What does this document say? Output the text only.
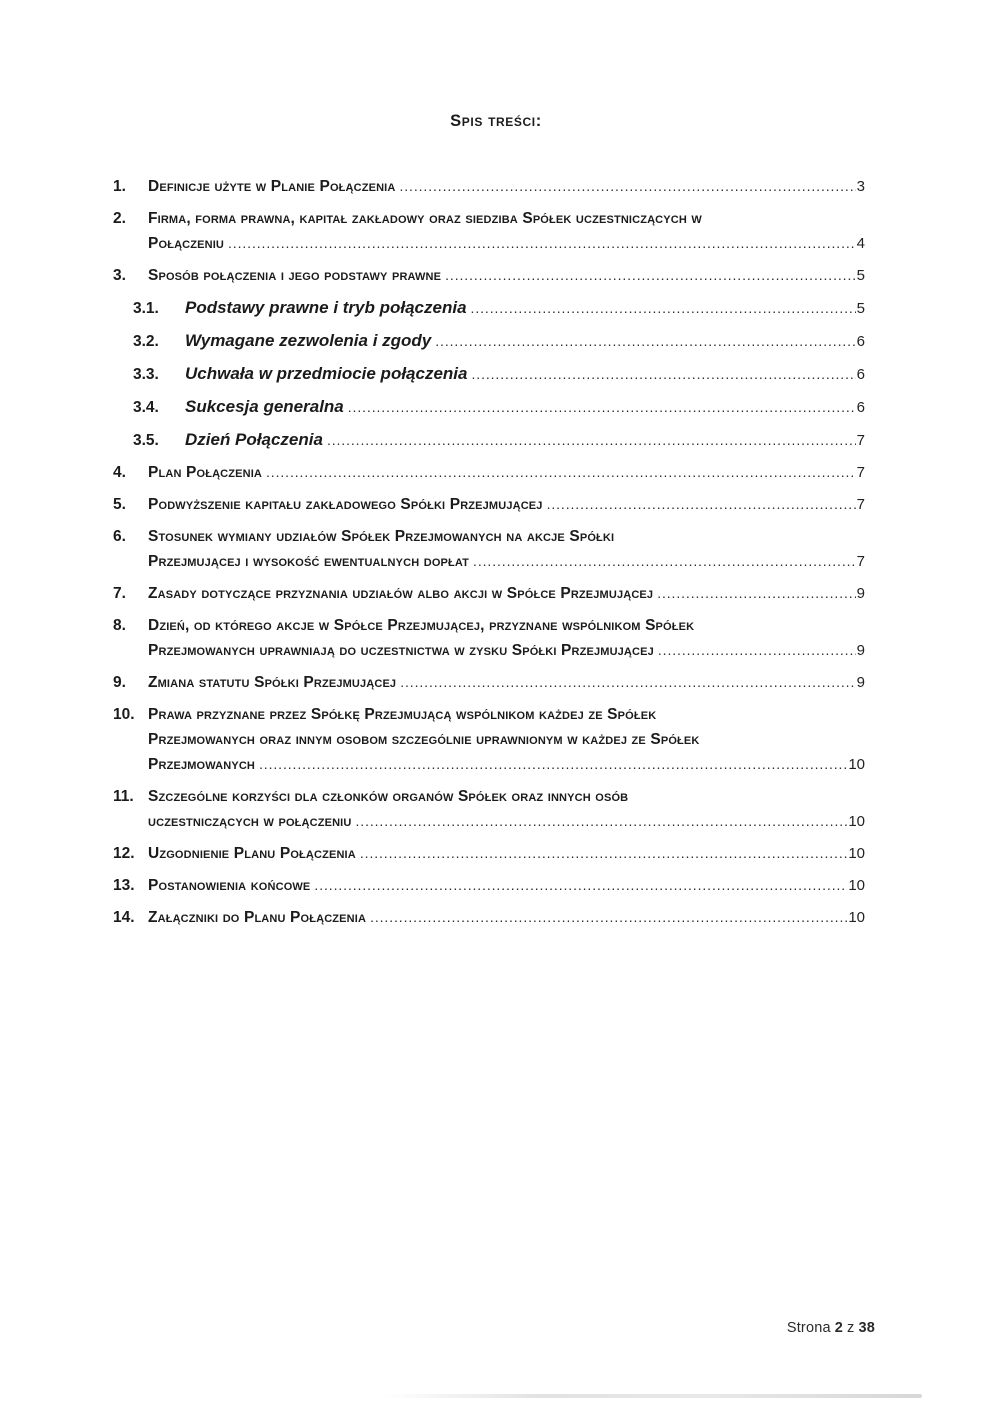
Spis treści:
1.	Definicje użyte w Planie Połączenia .....	3
2.	Firma, forma prawna, kapitał zakładowy oraz siedziba Spółek uczestniczących w
Połączeniu .....	4
3.	Sposób połączenia i jego podstawy prawne .....	5
3.1.	Podstawy prawne i tryb połączenia .....	5
3.2.	Wymagane zezwolenia i zgody .....	6
3.3.	Uchwała w przedmiocie połączenia .....	6
3.4.	Sukcesja generalna .....	6
3.5.	Dzień Połączenia .....	7
4.	Plan Połączenia .....	7
5.	Podwyższenie kapitału zakładowego Spółki Przejmującej .....	7
6.	Stosunek wymiany udziałów Spółek Przejmowanych na akcje Spółki
Przejmującej i wysokość ewentualnych dopłat .....	7
7.	Zasady dotyczące przyznania udziałów albo akcji w Spółce Przejmującej .....	9
8.	Dzień, od którego akcje w Spółce Przejmującej, przyznane wspólnikom Spółek
Przejmowanych uprawniają do uczestnictwa w zysku Spółki Przejmującej .....	9
9.	Zmiana statutu Spółki Przejmującej .....	9
10. Prawa przyznane przez Spółkę Przejmującą wspólnikom każdej ze Spółek
Przejmowanych oraz innym osobom szczególnie uprawnionym w każdej ze Spółek
Przejmowanych .....	10
11. Szczególne korzyści dla członków organów Spółek oraz innych osób
uczestniczących w połączeniu .....	10
12. Uzgodnienie Planu Połączenia .....	10
13. Postanowienia końcowe .....	10
14. Załączniki do Planu Połączenia .....	10
Strona 2 z 38
